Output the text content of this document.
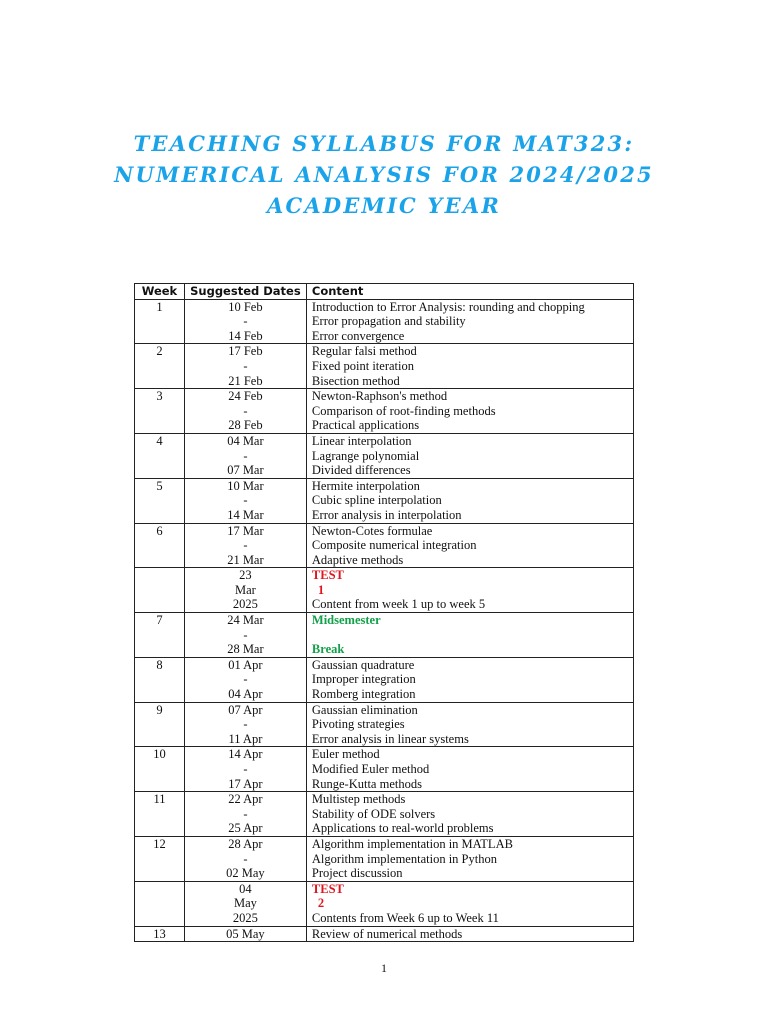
TEACHING SYLLABUS FOR MAT323:
NUMERICAL ANALYSIS FOR 2024/2025
ACADEMIC YEAR
Week	Suggested Dates	Content
1	10 Feb	Introduction to Error Analysis: rounding and chopping
	-	Error propagation and stability
	14 Feb	Error convergence
2	17 Feb	Regular falsi method
	-	Fixed point iteration
	21 Feb	Bisection method
3	24 Feb	Newton-Raphson's method
	-	Comparison of root-finding methods
	28 Feb	Practical applications
4	04 Mar	Linear interpolation
	-	Lagrange polynomial
	07 Mar	Divided differences
5	10 Mar	Hermite interpolation
	-	Cubic spline interpolation
	14 Mar	Error analysis in interpolation
6	17 Mar	Newton-Cotes formulae
	-	Composite numerical integration
	21 Mar	Adaptive methods
	23	TEST
	Mar	1
	2025	Content from week 1 up to week 5
7	24 Mar	Midsemester
	-	
	28 Mar	Break
8	01 Apr	Gaussian quadrature
	-	Improper integration
	04 Apr	Romberg integration
9	07 Apr	Gaussian elimination
	-	Pivoting strategies
	11 Apr	Error analysis in linear systems
10	14 Apr	Euler method
	-	Modified Euler method
	17 Apr	Runge-Kutta methods
11	22 Apr	Multistep methods
	-	Stability of ODE solvers
	25 Apr	Applications to real-world problems
12	28 Apr	Algorithm implementation in MATLAB
	-	Algorithm implementation in Python
	02 May	Project discussion
	04	TEST
	May	2
	2025	Contents from Week 6 up to Week 11
13	05 May	Review of numerical methods
1
